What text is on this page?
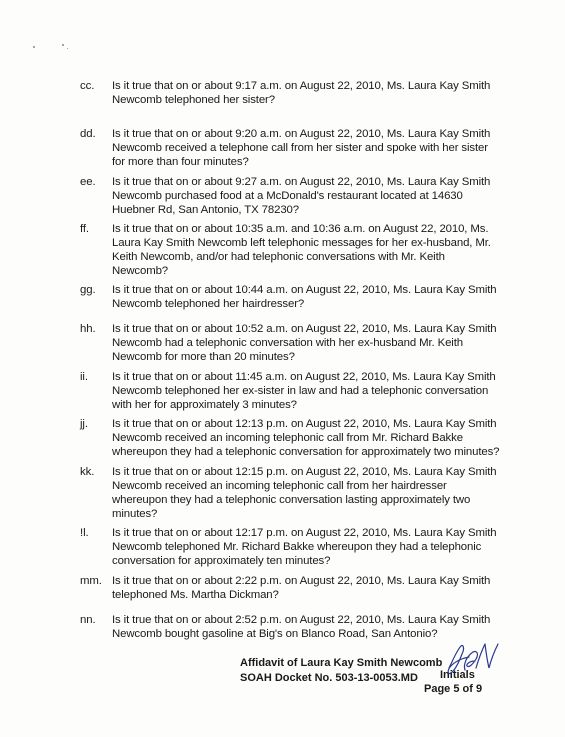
cc. Is it true that on or about 9:17 a.m. on August 22, 2010, Ms. Laura Kay Smith
Newcomb telephoned her sister?
dd. Is it true that on or about 9:20 a.m. on August 22, 2010, Ms. Laura Kay Smith
Newcomb received a telephone call from her sister and spoke with her sister
for more than four minutes?
ee. Is it true that on or about 9:27 a.m. on August 22, 2010, Ms. Laura Kay Smith
Newcomb purchased food at a McDonald's restaurant located at 14630
Huebner Rd, San Antonio, TX 78230?
ff. Is it true that on or about 10:35 a.m. and 10:36 a.m. on August 22, 2010, Ms.
Laura Kay Smith Newcomb left telephonic messages for her ex-husband, Mr.
Keith Newcomb, and/or had telephonic conversations with Mr. Keith
Newcomb?
gg. Is it true that on or about 10:44 a.m. on August 22, 2010, Ms. Laura Kay Smith
Newcomb telephoned her hairdresser?
hh. Is it true that on or about 10:52 a.m. on August 22, 2010, Ms. Laura Kay Smith
Newcomb had a telephonic conversation with her ex-husband Mr. Keith
Newcomb for more than 20 minutes?
ii. Is it true that on or about 11:45 a.m. on August 22, 2010, Ms. Laura Kay Smith
Newcomb telephoned her ex-sister in law and had a telephonic conversation
with her for approximately 3 minutes?
jj. Is it true that on or about 12:13 p.m. on August 22, 2010, Ms. Laura Kay Smith
Newcomb received an incoming telephonic call from Mr. Richard Bakke
whereupon they had a telephonic conversation for approximately two minutes?
kk. Is it true that on or about 12:15 p.m. on August 22, 2010, Ms. Laura Kay Smith
Newcomb received an incoming telephonic call from her hairdresser
whereupon they had a telephonic conversation lasting approximately two
minutes?
!l. Is it true that on or about 12:17 p.m. on August 22, 2010, Ms. Laura Kay Smith
Newcomb telephoned Mr. Richard Bakke whereupon they had a telephonic
conversation for approximately ten minutes?
mm. Is it true that on or about 2:22 p.m. on August 22, 2010, Ms. Laura Kay Smith
telephoned Ms. Martha Dickman?
nn. Is it true that on or about 2:52 p.m. on August 22, 2010, Ms. Laura Kay Smith
Newcomb bought gasoline at Big's on Blanco Road, San Antonio?
Affidavit of Laura Kay Smith Newcomb
SOAH Docket No. 503-13-0053.MD Initials
Page 5 of 9
